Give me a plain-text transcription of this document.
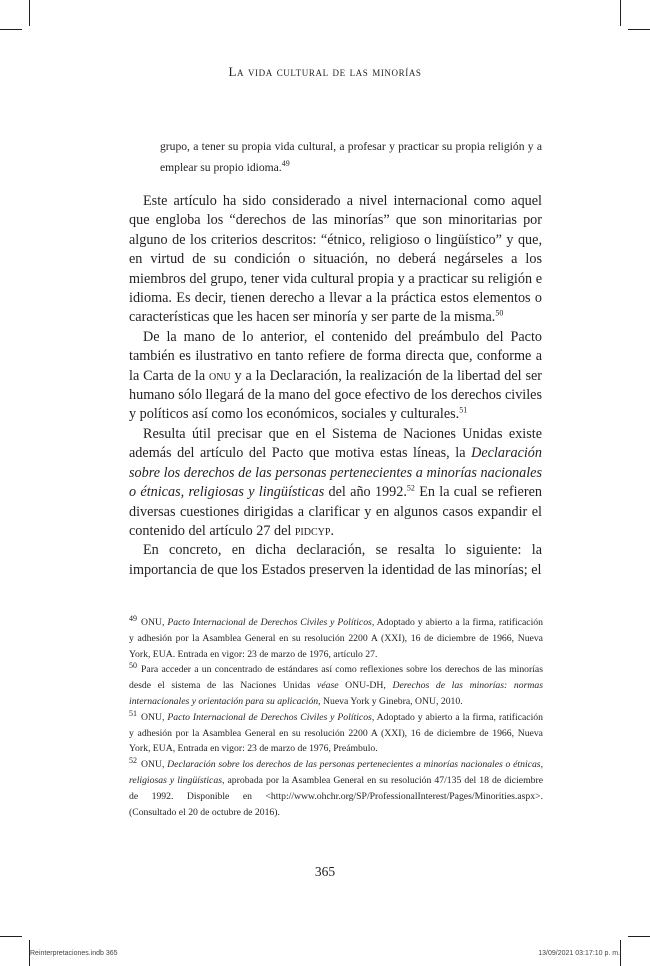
La vida cultural de las minorías
grupo, a tener su propia vida cultural, a profesar y practicar su propia religión y a emplear su propio idioma.$^{49}$

Este artículo ha sido considerado a nivel internacional como aquel que engloba los “derechos de las minorías” que son minoritarias por alguno de los criterios descritos: “étnico, religioso o lingüístico” y que, en virtud de su condición o situación, no deberá negárseles a los miembros del grupo, tener vida cultural propia y a practicar su religión e idioma. Es decir, tienen derecho a llevar a la práctica estos elementos o características que les hacen ser minoría y ser parte de la misma.$^{50}$

De la mano de lo anterior, el contenido del preámbulo del Pacto también es ilustrativo en tanto refiere de forma directa que, conforme a la Carta de la onu y a la Declaración, la realización de la libertad del ser humano sólo llegará de la mano del goce efectivo de los derechos civiles y políticos así como los económicos, sociales y culturales.$^{51}$

Resulta útil precisar que en el Sistema de Naciones Unidas existe además del artículo del Pacto que motiva estas líneas, la Declaración sobre los derechos de las personas pertenecientes a minorías nacionales o étnicas, religiosas y lingüísticas del año 1992.52 En la cual se refieren diversas cuestiones dirigidas a clarificar y en algunos casos expandir el contenido del artículo 27 del pidcyp.

En concreto, en dicha declaración, se resalta lo siguiente: la importancia de que los Estados preserven la identidad de las minorías; el

$^{49}$ ONU, Pacto Internacional de Derechos Civiles y Políticos, Adoptado y abierto a la firma, ratificación y adhesión por la Asamblea General en su resolución 2200 A (XXI), 16 de diciembre de 1966, Nueva York, EUA. Entrada en vigor: 23 de marzo de 1976, artículo 27.

$^{50}$ Para acceder a un concentrado de estándares así como reflexiones sobre los derechos de las minorías desde el sistema de las Naciones Unidas véase ONU-DH, Derechos de las minorías: normas internacionales y orientación para su aplicación, Nueva York y Ginebra, ONU, 2010.

$^{51}$ ONU, Pacto Internacional de Derechos Civiles y Políticos, Adoptado y abierto a la firma, ratificación y adhesión por la Asamblea General en su resolución 2200 A (XXI), 16 de diciembre de 1966, Nueva York, EUA, Entrada en vigor: 23 de marzo de 1976, Preámbulo.

$^{52}$ ONU, Declaración sobre los derechos de las personas pertenecientes a minorías nacionales o étnicas, religiosas y lingüísticas, aprobada por la Asamblea General en su resolución 47/135 del 18 de diciembre de 1992. Disponible en <http://www.ohchr.org/SP/ProfessionalInterest/Pages/Minorities.aspx>. (Consultado el 20 de octubre de 2016).

365
Reinterpretaciones.indb 365	13/09/2021 03:17:10 p. m.
